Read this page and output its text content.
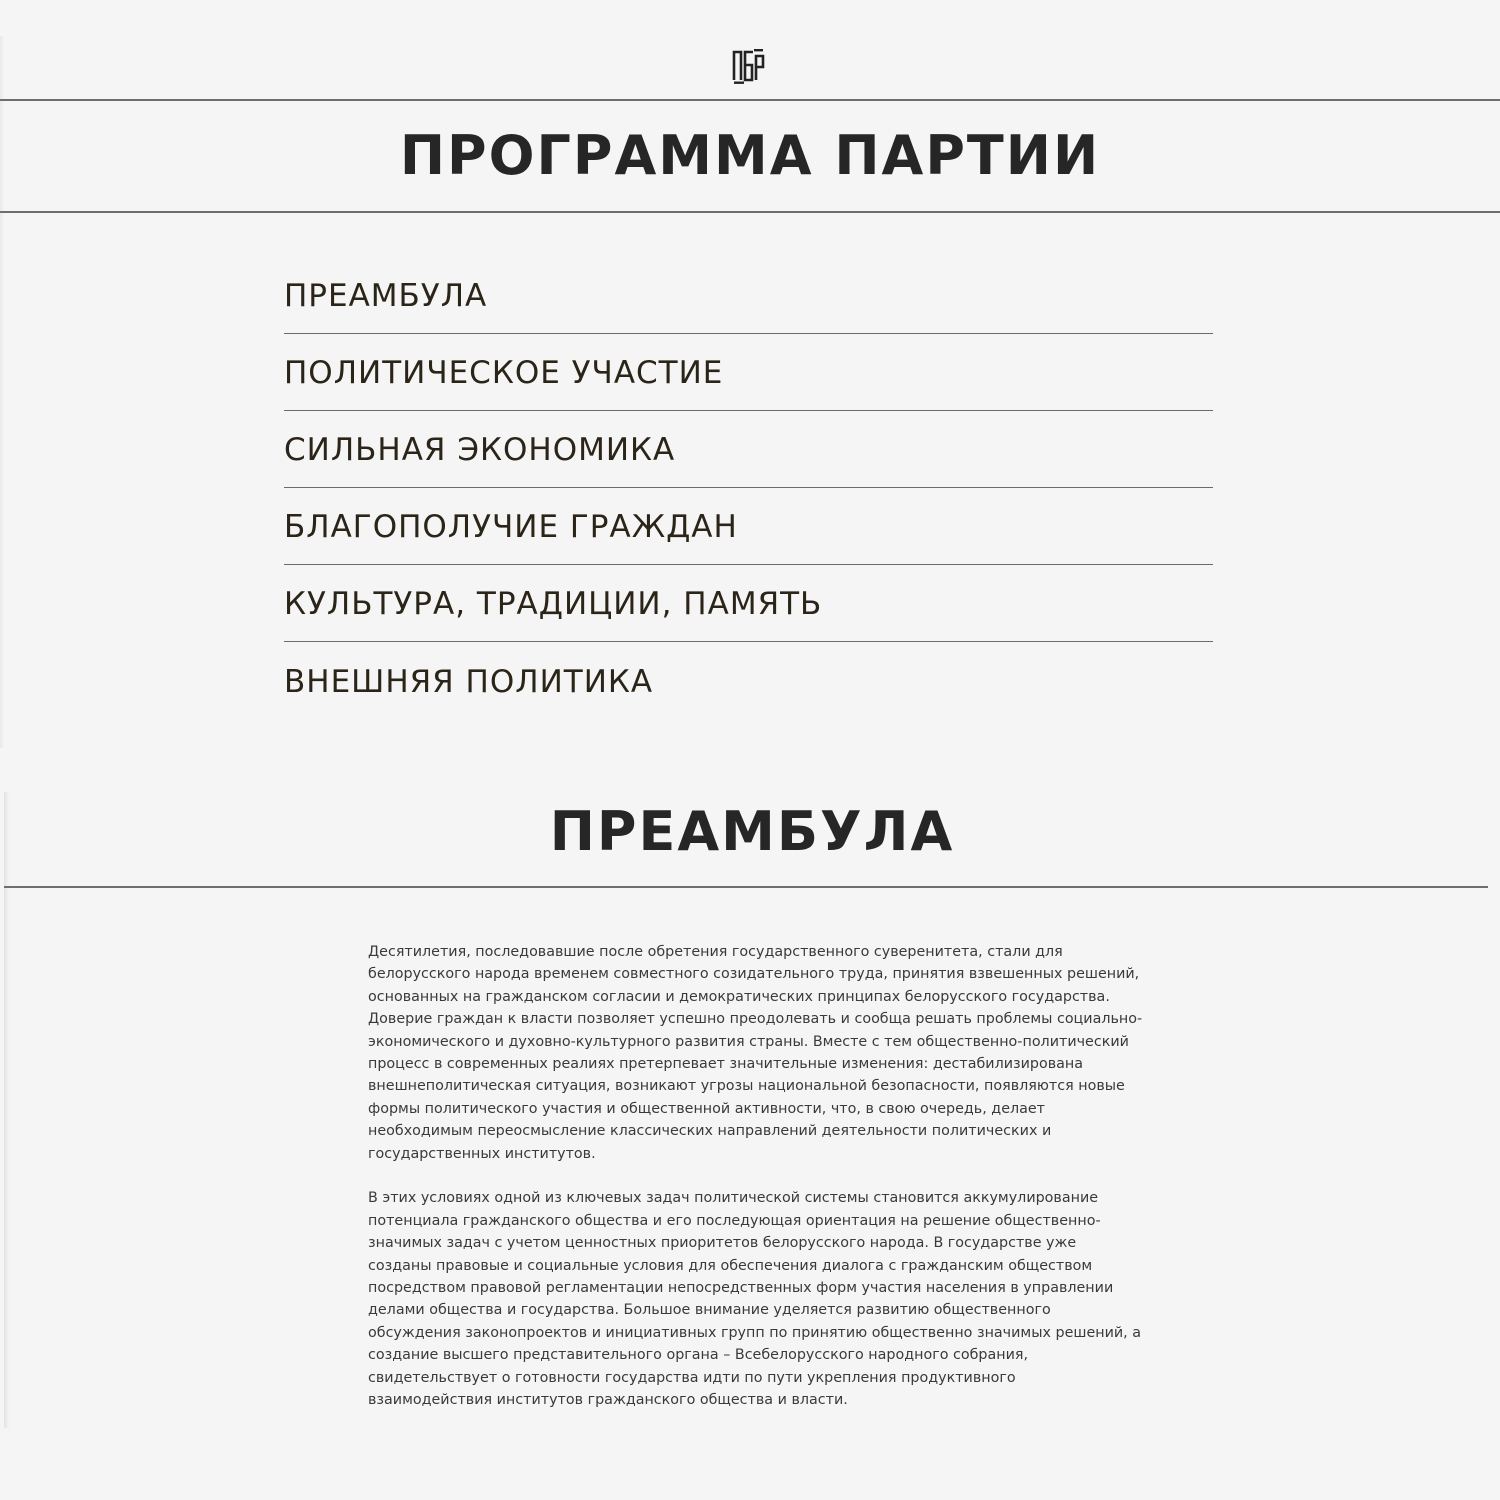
ПРОГРАММА ПАРТИИ
ПРЕАМБУЛА
ПОЛИТИЧЕСКОЕ УЧАСТИЕ
СИЛЬНАЯ ЭКОНОМИКА
БЛАГОПОЛУЧИЕ ГРАЖДАН
КУЛЬТУРА, ТРАДИЦИИ, ПАМЯТЬ
ВНЕШНЯЯ ПОЛИТИКА
ПРЕАМБУЛА

Десятилетия, последовавшие после обретения государственного суверенитета, стали для белорусского народа временем совместного созидательного труда, принятия взвешенных решений, основанных на гражданском согласии и демократических принципах белорусского государства. Доверие граждан к власти позволяет успешно преодолевать и сообща решать проблемы социально-экономического и духовно-культурного развития страны. Вместе с тем общественно-политический процесс в современных реалиях претерпевает значительные изменения: дестабилизирована внешнеполитическая ситуация, возникают угрозы национальной безопасности, появляются новые формы политического участия и общественной активности, что, в свою очередь, делает необходимым переосмысление классических направлений деятельности политических и государственных институтов.

В этих условиях одной из ключевых задач политической системы становится аккумулирование потенциала гражданского общества и его последующая ориентация на решение общественно-значимых задач с учетом ценностных приоритетов белорусского народа. В государстве уже созданы правовые и социальные условия для обеспечения диалога с гражданским обществом посредством правовой регламентации непосредственных форм участия населения в управлении делами общества и государства. Большое внимание уделяется развитию общественного обсуждения законопроектов и инициативных групп по принятию общественно значимых решений, а создание высшего представительного органа – Всебелорусского народного собрания, свидетельствует о готовности государства идти по пути укрепления продуктивного взаимодействия институтов гражданского общества и власти.
